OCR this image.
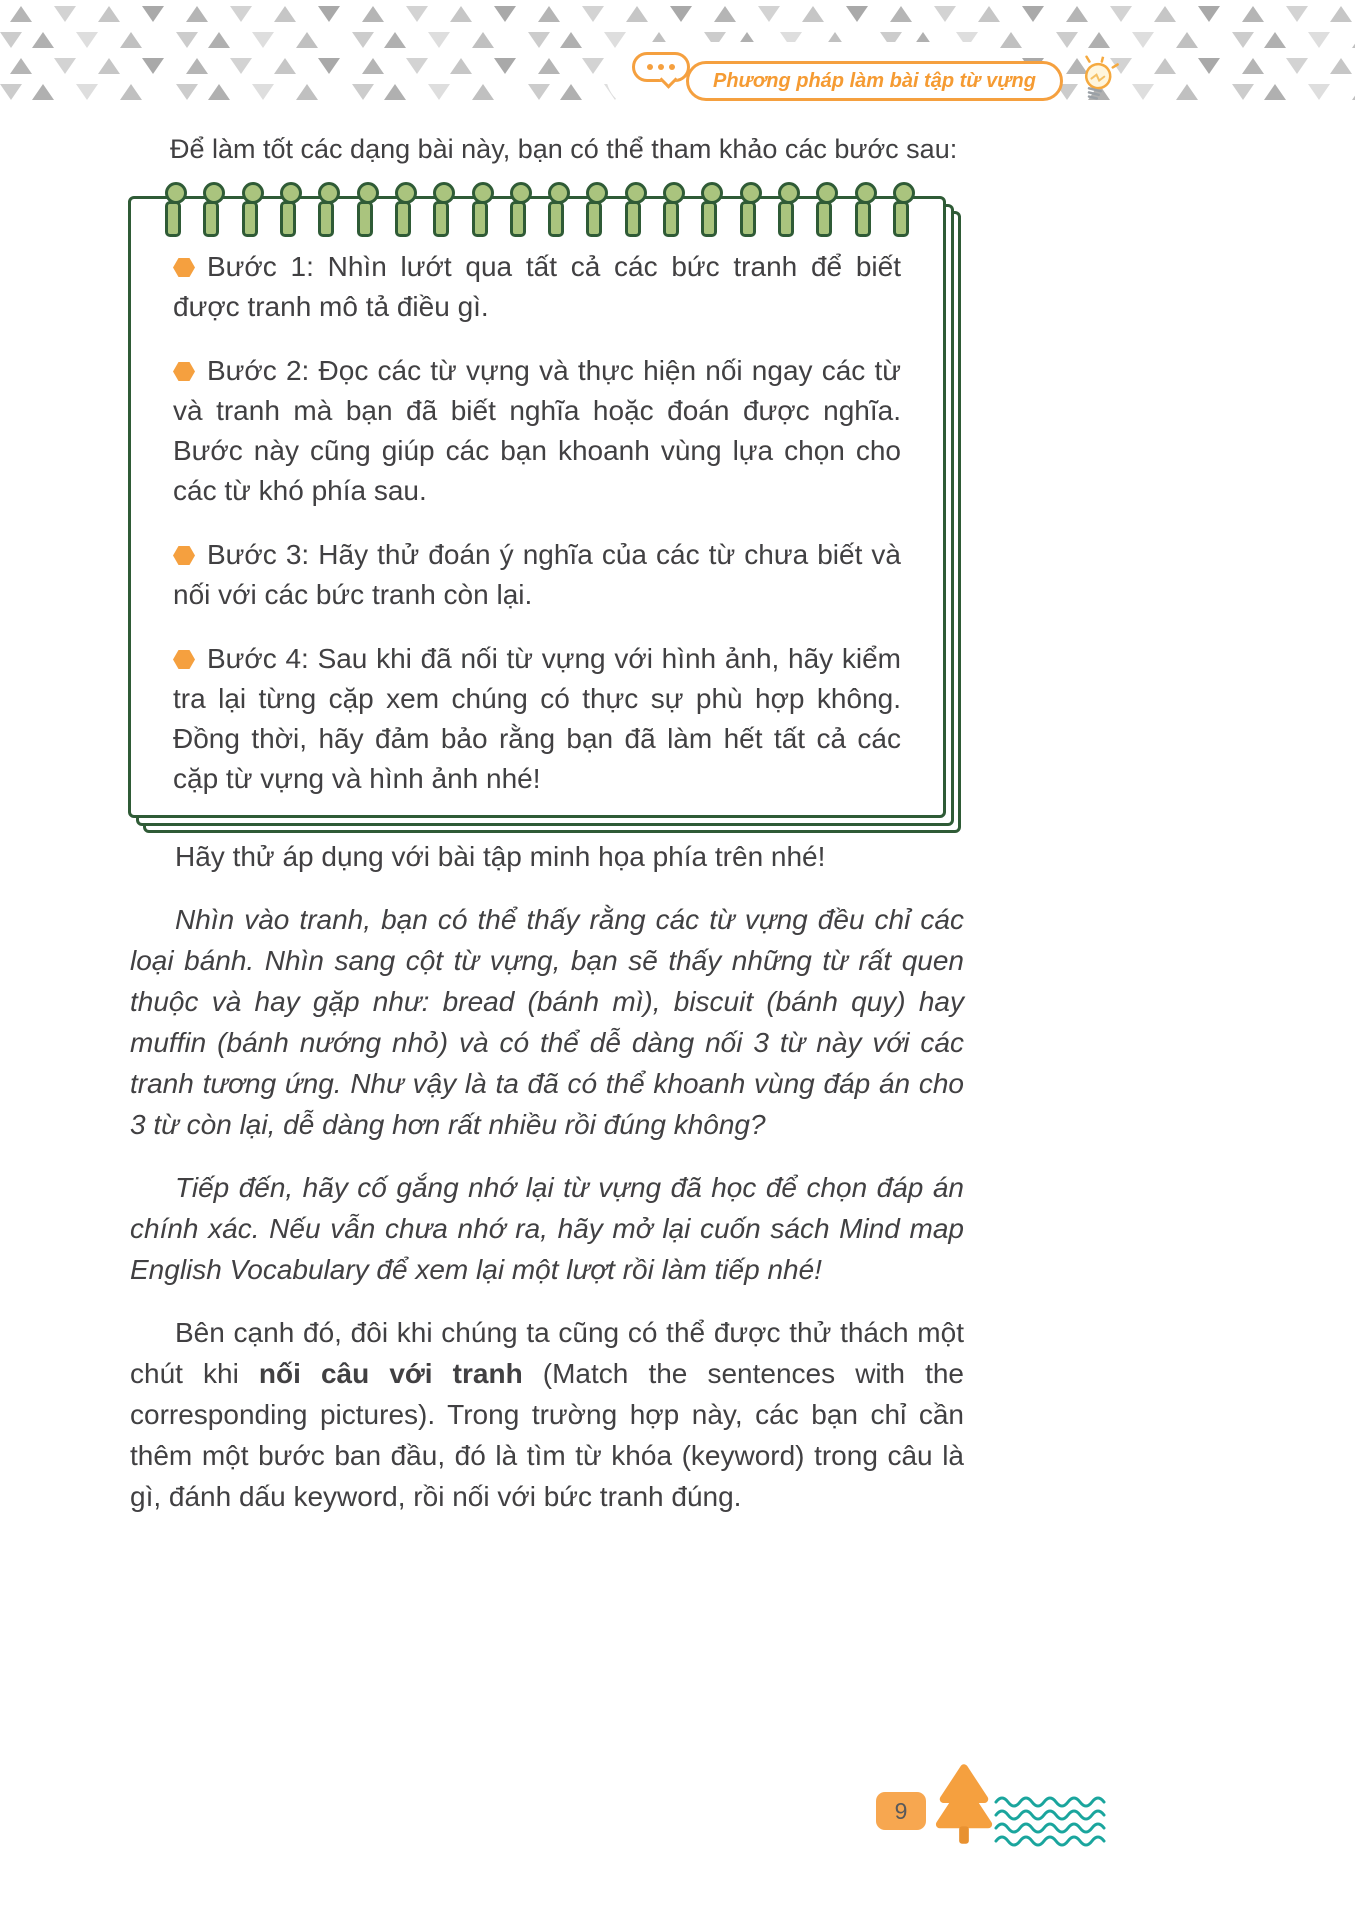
Phương pháp làm bài tập từ vựng

Để làm tốt các dạng bài này, bạn có thể tham khảo các bước sau:

Bước 1: Nhìn lướt qua tất cả các bức tranh để biết được tranh mô tả điều gì.

Bước 2: Đọc các từ vựng và thực hiện nối ngay các từ và tranh mà bạn đã biết nghĩa hoặc đoán được nghĩa. Bước này cũng giúp các bạn khoanh vùng lựa chọn cho các từ khó phía sau.

Bước 3: Hãy thử đoán ý nghĩa của các từ chưa biết và nối với các bức tranh còn lại.

Bước 4: Sau khi đã nối từ vựng với hình ảnh, hãy kiểm tra lại từng cặp xem chúng có thực sự phù hợp không. Đồng thời, hãy đảm bảo rằng bạn đã làm hết tất cả các cặp từ vựng và hình ảnh nhé!

Hãy thử áp dụng với bài tập minh họa phía trên nhé!

Nhìn vào tranh, bạn có thể thấy rằng các từ vựng đều chỉ các loại bánh. Nhìn sang cột từ vựng, bạn sẽ thấy những từ rất quen thuộc và hay gặp như: bread (bánh mì), biscuit (bánh quy) hay muffin (bánh nướng nhỏ) và có thể dễ dàng nối 3 từ này với các tranh tương ứng. Như vậy là ta đã có thể khoanh vùng đáp án cho 3 từ còn lại, dễ dàng hơn rất nhiều rồi đúng không?

Tiếp đến, hãy cố gắng nhớ lại từ vựng đã học để chọn đáp án chính xác. Nếu vẫn chưa nhớ ra, hãy mở lại cuốn sách Mind map English Vocabulary để xem lại một lượt rồi làm tiếp nhé!

Bên cạnh đó, đôi khi chúng ta cũng có thể được thử thách một chút khi nối câu với tranh (Match the sentences with the corresponding pictures). Trong trường hợp này, các bạn chỉ cần thêm một bước ban đầu, đó là tìm từ khóa (keyword) trong câu là gì, đánh dấu keyword, rồi nối với bức tranh đúng.

9
